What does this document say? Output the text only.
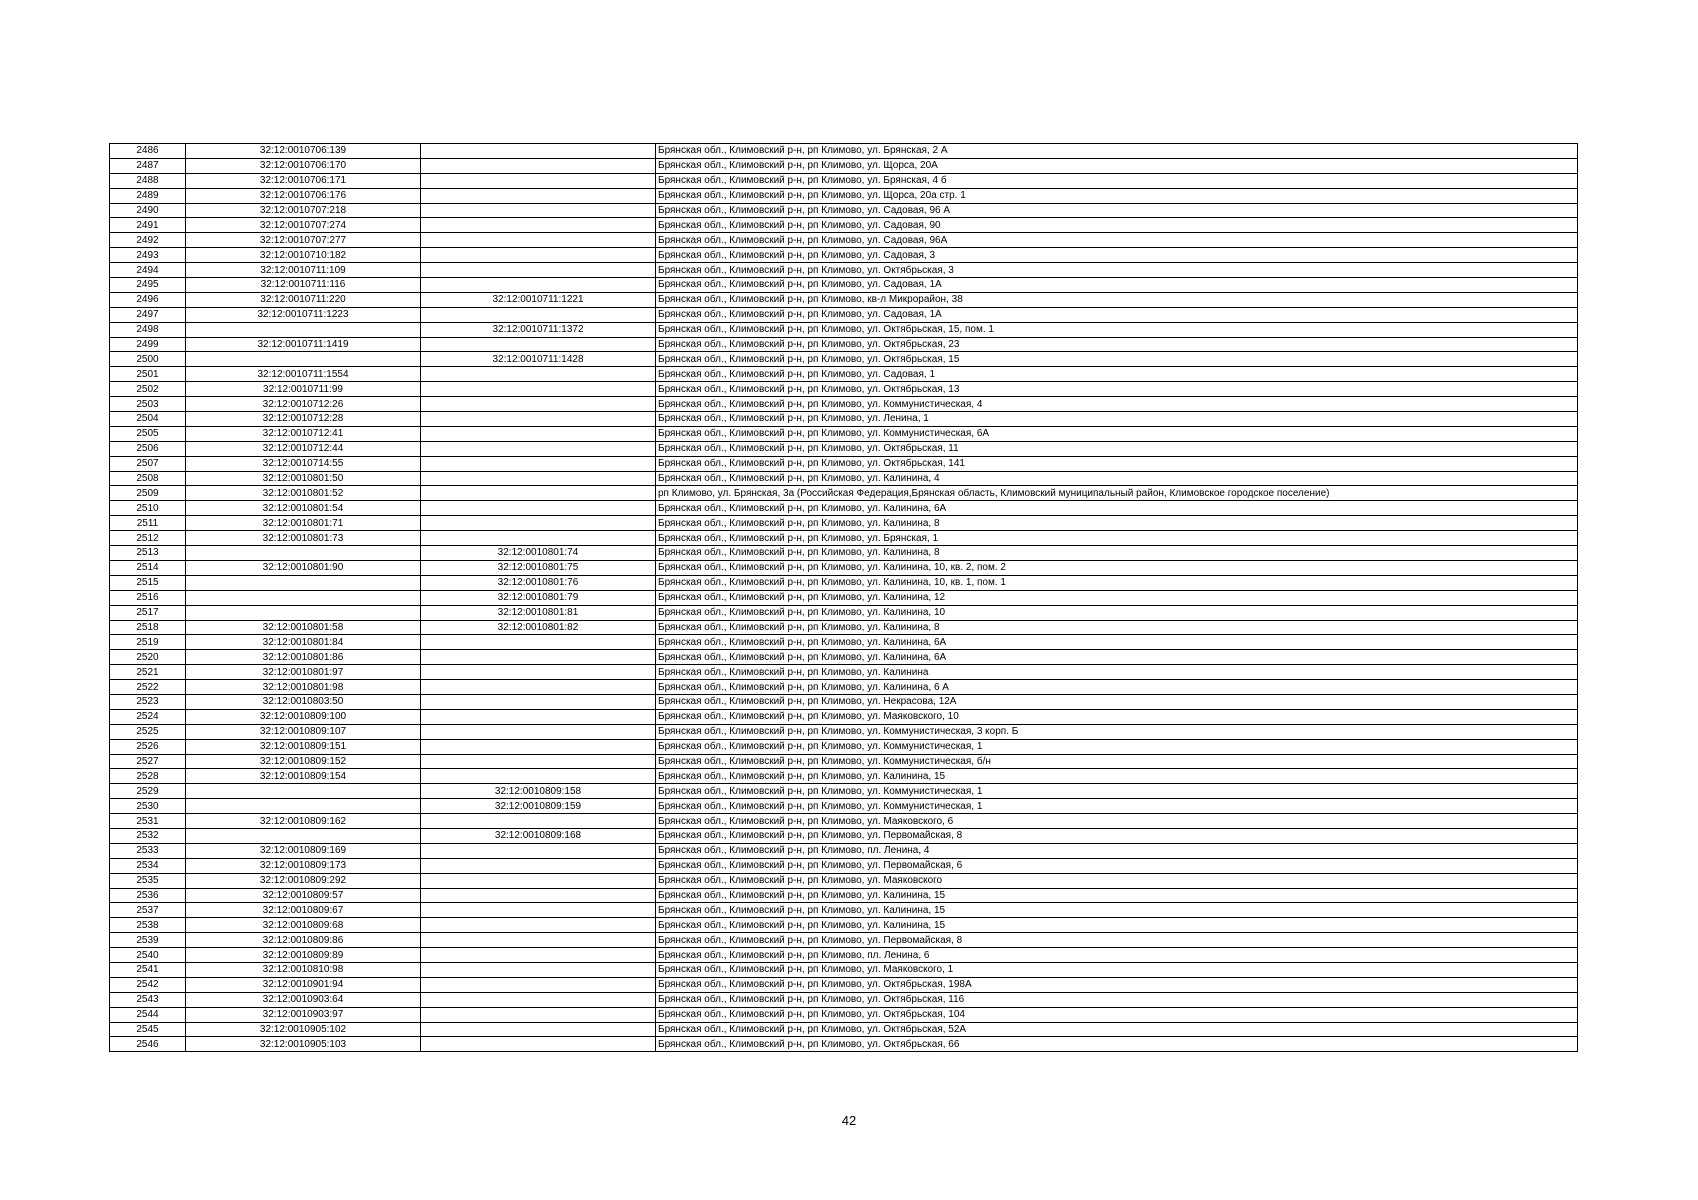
2486	32:12:0010706:139		Брянская обл., Климовский р-н, рп Климово, ул. Брянская, 2 А
2487	32:12:0010706:170		Брянская обл., Климовский р-н, рп Климово, ул. Щорса, 20А
2488	32:12:0010706:171		Брянская обл., Климовский р-н, рп Климово, ул. Брянская, 4 б
2489	32:12:0010706:176		Брянская обл., Климовский р-н, рп Климово, ул. Щорса, 20а стр. 1
2490	32:12:0010707:218		Брянская обл., Климовский р-н, рп Климово, ул. Садовая, 96 А
2491	32:12:0010707:274		Брянская обл., Климовский р-н, рп Климово, ул. Садовая, 90
2492	32:12:0010707:277		Брянская обл., Климовский р-н, рп Климово, ул. Садовая, 96А
2493	32:12:0010710:182		Брянская обл., Климовский р-н, рп Климово, ул. Садовая, 3
2494	32:12:0010711:109		Брянская обл., Климовский р-н, рп Климово, ул. Октябрьская, 3
2495	32:12:0010711:116		Брянская обл., Климовский р-н, рп Климово, ул. Садовая, 1А
2496	32:12:0010711:220	32:12:0010711:1221	Брянская обл., Климовский р-н, рп Климово, кв-л Микрорайон, 38
2497	32:12:0010711:1223		Брянская обл., Климовский р-н, рп Климово, ул. Садовая, 1А
2498		32:12:0010711:1372	Брянская обл., Климовский р-н, рп Климово, ул. Октябрьская, 15, пом. 1
2499	32:12:0010711:1419		Брянская обл., Климовский р-н, рп Климово, ул. Октябрьская, 23
2500		32:12:0010711:1428	Брянская обл., Климовский р-н, рп Климово, ул. Октябрьская, 15
2501	32:12:0010711:1554		Брянская обл., Климовский р-н, рп Климово, ул. Садовая, 1
2502	32:12:0010711:99		Брянская обл., Климовский р-н, рп Климово, ул. Октябрьская, 13
2503	32:12:0010712:26		Брянская обл., Климовский р-н, рп Климово, ул. Коммунистическая, 4
2504	32:12:0010712:28		Брянская обл., Климовский р-н, рп Климово, ул. Ленина, 1
2505	32:12:0010712:41		Брянская обл., Климовский р-н, рп Климово, ул. Коммунистическая, 6А
2506	32:12:0010712:44		Брянская обл., Климовский р-н, рп Климово, ул. Октябрьская, 11
2507	32:12:0010714:55		Брянская обл., Климовский р-н, рп Климово, ул. Октябрьская, 141
2508	32:12:0010801:50		Брянская обл., Климовский р-н, рп Климово, ул. Калинина, 4
2509	32:12:0010801:52		рп Климово, ул. Брянская, 3а (Российская Федерация,Брянская область, Климовский муниципальный район, Климовское городское поселение)
2510	32:12:0010801:54		Брянская обл., Климовский р-н, рп Климово, ул. Калинина, 6А
2511	32:12:0010801:71		Брянская обл., Климовский р-н, рп Климово, ул. Калинина, 8
2512	32:12:0010801:73		Брянская обл., Климовский р-н, рп Климово, ул. Брянская, 1
2513		32:12:0010801:74	Брянская обл., Климовский р-н, рп Климово, ул. Калинина, 8
2514	32:12:0010801:90	32:12:0010801:75	Брянская обл., Климовский р-н, рп Климово, ул. Калинина, 10, кв. 2, пом. 2
2515		32:12:0010801:76	Брянская обл., Климовский р-н, рп Климово, ул. Калинина, 10, кв. 1, пом. 1
2516		32:12:0010801:79	Брянская обл., Климовский р-н, рп Климово, ул. Калинина, 12
2517		32:12:0010801:81	Брянская обл., Климовский р-н, рп Климово, ул. Калинина, 10
2518	32:12:0010801:58	32:12:0010801:82	Брянская обл., Климовский р-н, рп Климово, ул. Калинина, 8
2519	32:12:0010801:84		Брянская обл., Климовский р-н, рп Климово, ул. Калинина, 6А
2520	32:12:0010801:86		Брянская обл., Климовский р-н, рп Климово, ул. Калинина, 6А
2521	32:12:0010801:97		Брянская обл., Климовский р-н, рп Климово, ул. Калинина
2522	32:12:0010801:98		Брянская обл., Климовский р-н, рп Климово, ул. Калинина, 6 А
2523	32:12:0010803:50		Брянская обл., Климовский р-н, рп Климово, ул. Некрасова, 12А
2524	32:12:0010809:100		Брянская обл., Климовский р-н, рп Климово, ул. Маяковского, 10
2525	32:12:0010809:107		Брянская обл., Климовский р-н, рп Климово, ул. Коммунистическая, 3 корп. Б
2526	32:12:0010809:151		Брянская обл., Климовский р-н, рп Климово, ул. Коммунистическая, 1
2527	32:12:0010809:152		Брянская обл., Климовский р-н, рп Климово, ул. Коммунистическая, б/н
2528	32:12:0010809:154		Брянская обл., Климовский р-н, рп Климово, ул. Калинина, 15
2529		32:12:0010809:158	Брянская обл., Климовский р-н, рп Климово, ул. Коммунистическая, 1
2530		32:12:0010809:159	Брянская обл., Климовский р-н, рп Климово, ул. Коммунистическая, 1
2531	32:12:0010809:162		Брянская обл., Климовский р-н, рп Климово, ул. Маяковского, 6
2532		32:12:0010809:168	Брянская обл., Климовский р-н, рп Климово, ул. Первомайская, 8
2533	32:12:0010809:169		Брянская обл., Климовский р-н, рп Климово, пл. Ленина, 4
2534	32:12:0010809:173		Брянская обл., Климовский р-н, рп Климово, ул. Первомайская, 6
2535	32:12:0010809:292		Брянская обл., Климовский р-н, рп Климово, ул. Маяковского
2536	32:12:0010809:57		Брянская обл., Климовский р-н, рп Климово, ул. Калинина, 15
2537	32:12:0010809:67		Брянская обл., Климовский р-н, рп Климово, ул. Калинина, 15
2538	32:12:0010809:68		Брянская обл., Климовский р-н, рп Климово, ул. Калинина, 15
2539	32:12:0010809:86		Брянская обл., Климовский р-н, рп Климово, ул. Первомайская, 8
2540	32:12:0010809:89		Брянская обл., Климовский р-н, рп Климово, пл. Ленина, 6
2541	32:12:0010810:98		Брянская обл., Климовский р-н, рп Климово, ул. Маяковского, 1
2542	32:12:0010901:94		Брянская обл., Климовский р-н, рп Климово, ул. Октябрьская, 198А
2543	32:12:0010903:64		Брянская обл., Климовский р-н, рп Климово, ул. Октябрьская, 116
2544	32:12:0010903:97		Брянская обл., Климовский р-н, рп Климово, ул. Октябрьская, 104
2545	32:12:0010905:102		Брянская обл., Климовский р-н, рп Климово, ул. Октябрьская, 52А
2546	32:12:0010905:103		Брянская обл., Климовский р-н, рп Климово, ул. Октябрьская, 66
42
